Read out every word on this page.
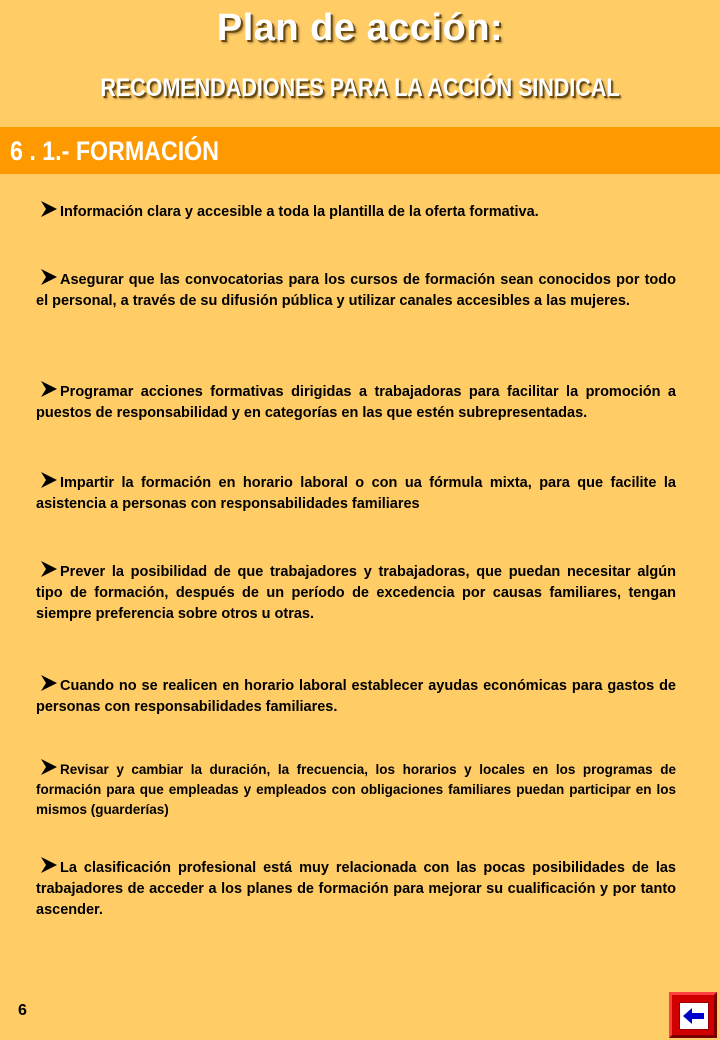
Plan de acción:
RECOMENDADIONES PARA LA ACCIÓN SINDICAL
6 . 1.- FORMACIÓN
Información clara y accesible a toda la plantilla de la oferta formativa.
Asegurar que las convocatorias para los cursos de formación sean conocidos por todo el personal, a través de su difusión pública y utilizar canales accesibles a las mujeres.
Programar acciones formativas dirigidas a trabajadoras para facilitar la promoción a puestos de responsabilidad y en categorías en las que estén subrepresentadas.
Impartir la formación en horario laboral o con ua fórmula mixta, para que facilite la asistencia a personas con responsabilidades familiares
Prever la posibilidad de que trabajadores y trabajadoras, que puedan necesitar algún tipo de formación, después de un período de excedencia por causas familiares, tengan siempre preferencia sobre otros u otras.
Cuando no se realicen en horario laboral establecer ayudas económicas para gastos de personas con responsabilidades familiares.
Revisar y cambiar la duración, la frecuencia, los horarios y locales en los programas de formación para que empleadas y empleados con obligaciones familiares puedan participar en los mismos (guarderías)
La clasificación profesional está muy relacionada con las pocas posibilidades de las trabajadores de acceder a los planes de formación para mejorar su cualificación y por tanto ascender.
6
